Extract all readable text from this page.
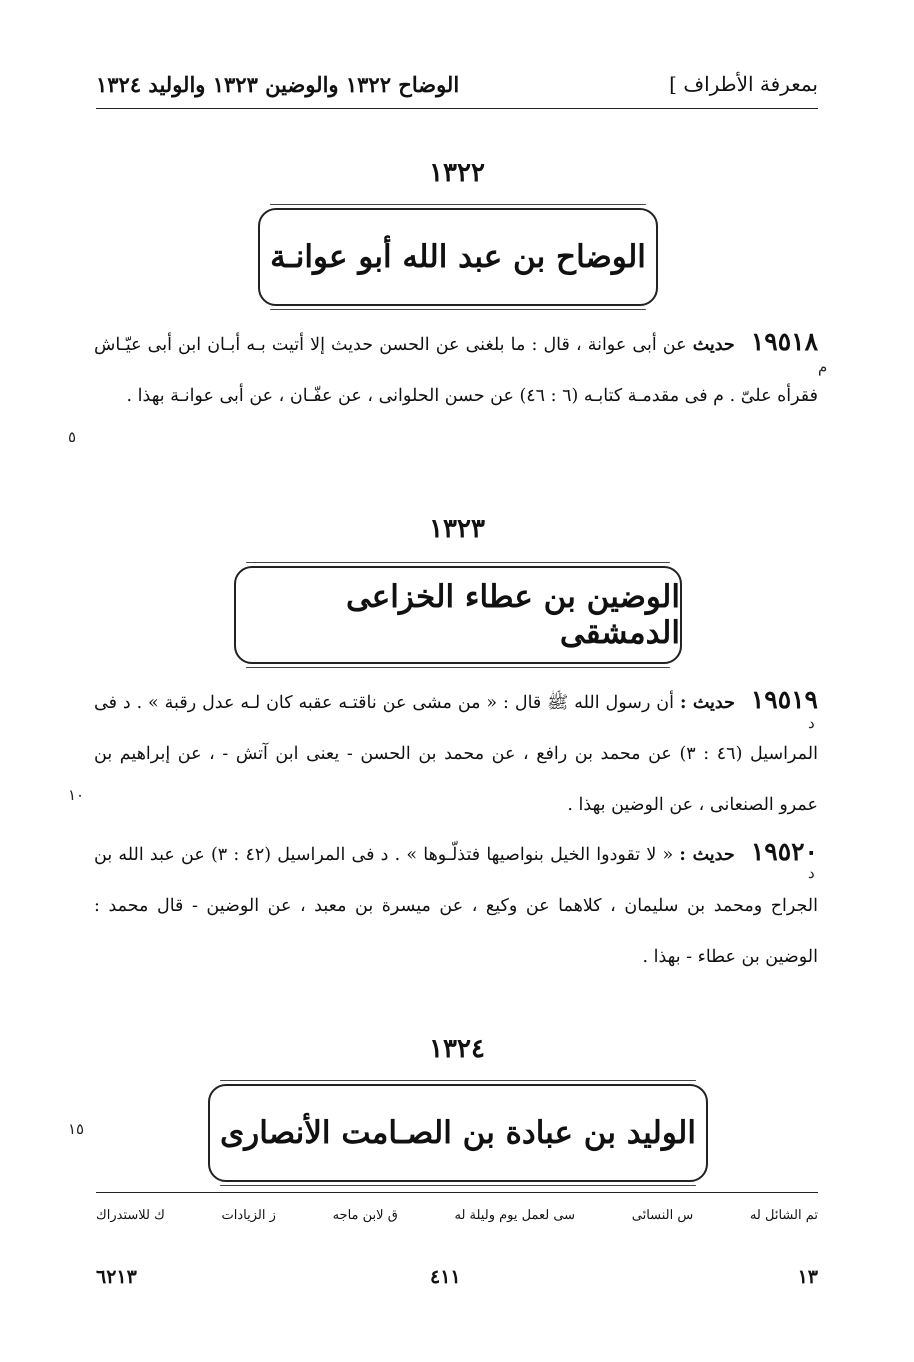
بمعرفة الأطراف ]
الوضاح ١٣٢٢ والوضين ١٣٢٣ والوليد ١٣٢٤
١٣٢٢
الوضاح بن عبد الله أبو عوانـة
١٩٥١٨ حديث عن أبى عوانة ، قال : ما بلغنى عن الحسن حديث إلا أتيت بـه أبـان ابن أبى عيّـاش فقرأه علىّ . م فى مقدمـة كتابـه (٦ : ٤٦) عن حسن الحلوانى ، عن عفّـان ، عن أبى عوانـة بهذا .
م
٥
١٣٢٣
الوضين بن عطاء الخزاعى الدمشقى
١٩٥١٩ حديث : أن رسول الله ﷺ قال : « من مشى عن ناقتـه عقبه كان لـه عدل رقبة » . د فى المراسيل (٤٦ : ٣) عن محمد بن رافع ، عن محمد بن الحسن - يعنى ابن آتش - ، عن إبراهيم بن عمرو الصنعانى ، عن الوضين بهذا .
د
١٠
١٩٥٢٠ حديث : « لا تقودوا الخيل بنواصيها فتذلّـوها » . د فى المراسيل (٤٢ : ٣) عن عبد الله بن الجراح ومحمد بن سليمان ، كلاهما عن وكيع ، عن ميسرة بن معبد ، عن الوضين - قال محمد : الوضين بن عطاء - بهذا .
د
١٣٢٤
الوليد بن عبادة بن الصـامت الأنصارى
١٥
تم الشائل له
س النسائى
سى لعمل يوم وليلة له
ق لابن ماجه
ز الزيادات
ك للاستدراك
١٣
٤١١
٦٢١٣
